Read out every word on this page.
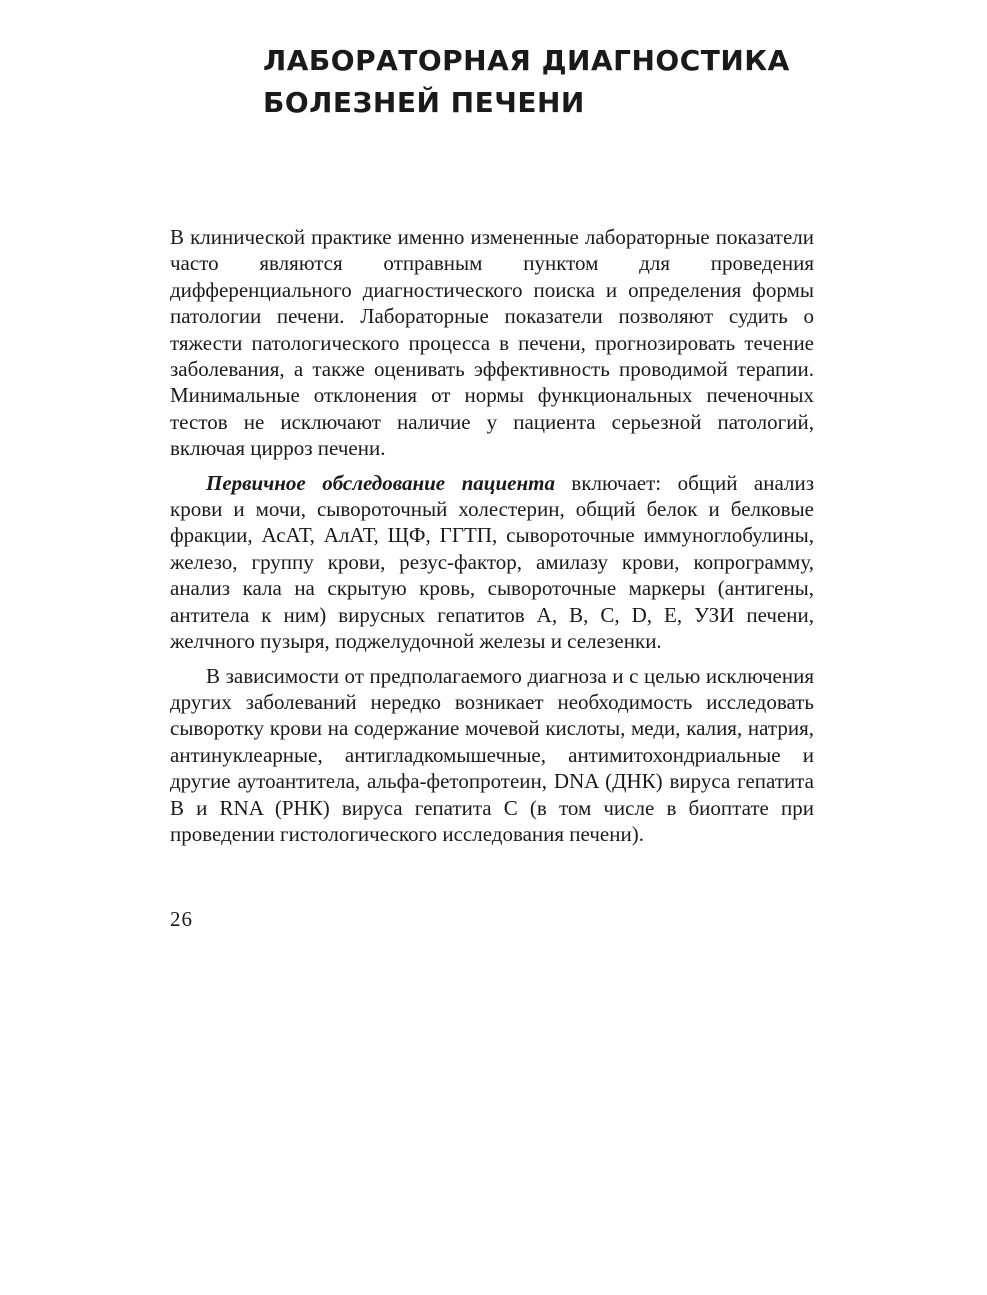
ЛАБОРАТОРНАЯ ДИАГНОСТИКА
БОЛЕЗНЕЙ ПЕЧЕНИ

В клинической практике именно измененные лабораторные показатели часто являются отправным пунктом для проведения дифференциального диагностического поиска и определения формы патологии печени. Лабораторные показатели позволяют судить о тяжести патологического процесса в печени, прогнозировать течение заболевания, а также оценивать эффективность проводимой терапии. Минимальные отклонения от нормы функциональных печеночных тестов не исключают наличие у пациента серьезной патологий, включая цирроз печени.

Первичное обследование пациента включает: общий анализ крови и мочи, сывороточный холестерин, общий белок и белковые фракции, АсАТ, АлАТ, ЩФ, ГГТП, сывороточные иммуноглобулины, железо, группу крови, резус-фактор, амилазу крови, копрограмму, анализ кала на скрытую кровь, сывороточные маркеры (антигены, антитела к ним) вирусных гепатитов А, В, С, D, Е, УЗИ печени, желчного пузыря, поджелудочной железы и селезенки.

В зависимости от предполагаемого диагноза и с целью исключения других заболеваний нередко возникает необходимость исследовать сыворотку крови на содержание мочевой кислоты, меди, калия, натрия, антинуклеарные, антигладкомышечные, антимитохондриальные и другие аутоантитела, альфа-фетопротеин, DNA (ДНК) вируса гепатита В и RNA (РНК) вируса гепатита С (в том числе в биоптате при проведении гистологического исследования печени).

26
